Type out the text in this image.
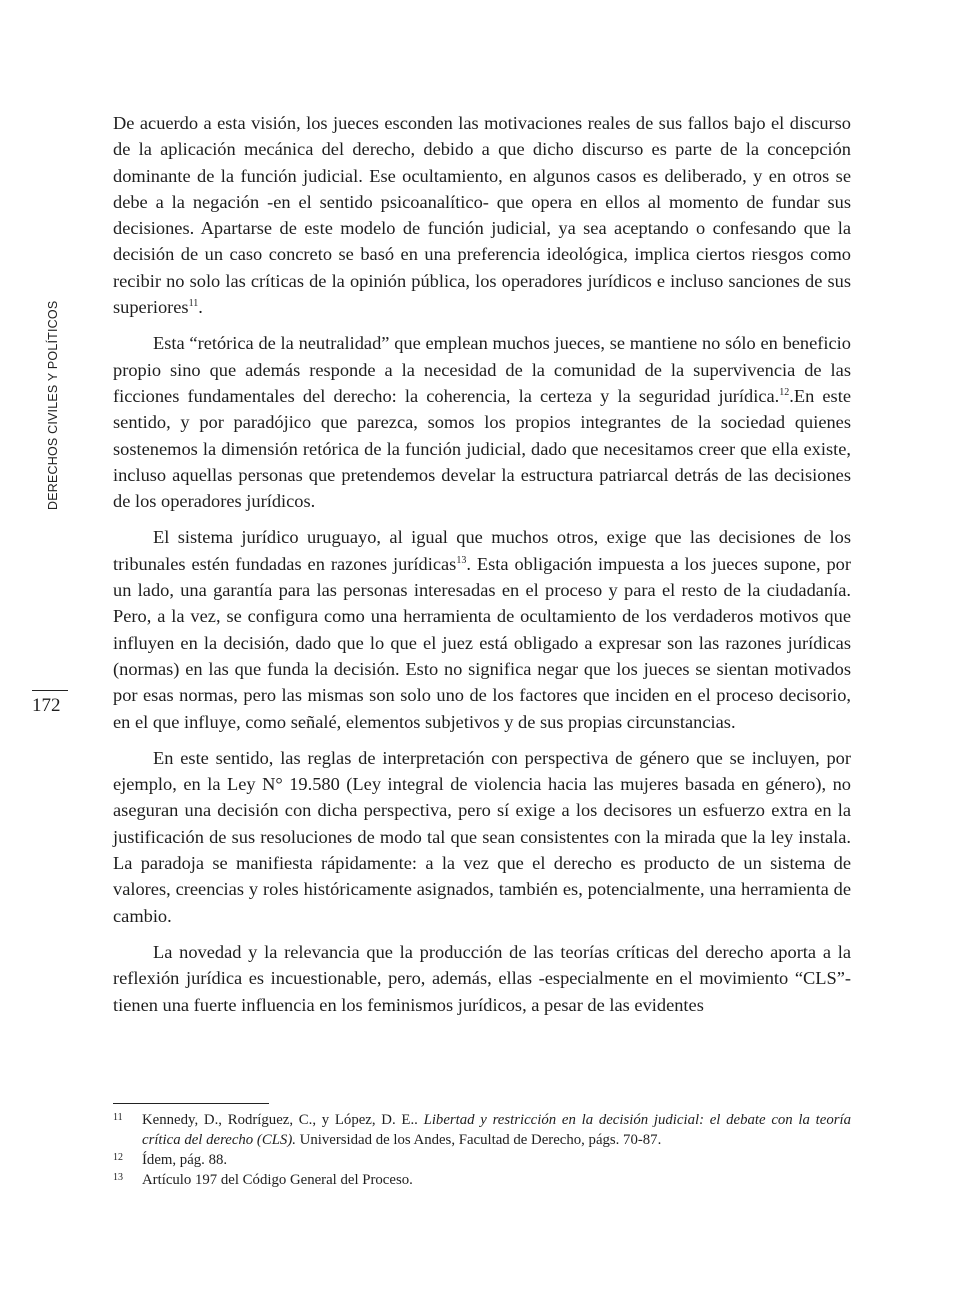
DERECHOS CIVILES Y POLÍTICOS
172

De acuerdo a esta visión, los jueces esconden las motivaciones reales de sus fallos bajo el discurso de la aplicación mecánica del derecho, debido a que dicho discurso es parte de la concepción dominante de la función judicial. Ese ocultamiento, en algunos casos es deliberado, y en otros se debe a la negación -en el sentido psicoanalítico- que opera en ellos al momento de fundar sus decisiones. Apartarse de este modelo de función judicial, ya sea aceptando o confesando que la decisión de un caso concreto se basó en una preferencia ideológica, implica ciertos riesgos como recibir no solo las críticas de la opinión pública, los operadores jurídicos e incluso sanciones de sus superiores$^{11}$.

Esta “retórica de la neutralidad” que emplean muchos jueces, se mantiene no sólo en beneficio propio sino que además responde a la necesidad de la comunidad de la supervivencia de las ficciones fundamentales del derecho: la coherencia, la certeza y la seguridad jurídica.$^{12}$.En este sentido, y por paradójico que parezca, somos los propios integrantes de la sociedad quienes sostenemos la dimensión retórica de la función judicial, dado que necesitamos creer que ella existe, incluso aquellas personas que pretendemos develar la estructura patriarcal detrás de las decisiones de los operadores jurídicos.

El sistema jurídico uruguayo, al igual que muchos otros, exige que las decisiones de los tribunales estén fundadas en razones jurídicas$^{13}$. Esta obligación impuesta a los jueces supone, por un lado, una garantía para las personas interesadas en el proceso y para el resto de la ciudadanía. Pero, a la vez, se configura como una herramienta de ocultamiento de los verdaderos motivos que influyen en la decisión, dado que lo que el juez está obligado a expresar son las razones jurídicas (normas) en las que funda la decisión. Esto no significa negar que los jueces se sientan motivados por esas normas, pero las mismas son solo uno de los factores que inciden en el proceso decisorio, en el que influye, como señalé, elementos subjetivos y de sus propias circunstancias.

En este sentido, las reglas de interpretación con perspectiva de género que se incluyen, por ejemplo, en la Ley N° 19.580 (Ley integral de violencia hacia las mujeres basada en género), no aseguran una decisión con dicha perspectiva, pero sí exige a los decisores un esfuerzo extra en la justificación de sus resoluciones de modo tal que sean consistentes con la mirada que la ley instala. La paradoja se manifiesta rápidamente: a la vez que el derecho es producto de un sistema de valores, creencias y roles históricamente asignados, también es, potencialmente, una herramienta de cambio.

La novedad y la relevancia que la producción de las teorías críticas del derecho aporta a la reflexión jurídica es incuestionable, pero, además, ellas -especialmente en el movimiento “CLS”- tienen una fuerte influencia en los feminismos jurídicos, a pesar de las evidentes

11	Kennedy, D., Rodríguez, C., y López, D. E.. Libertad y restricción en la decisión judicial: el debate con la teoría crítica del derecho (CLS). Universidad de los Andes, Facultad de Derecho, págs. 70-87.
12	Ídem, pág. 88.
13	Artículo 197 del Código General del Proceso.
